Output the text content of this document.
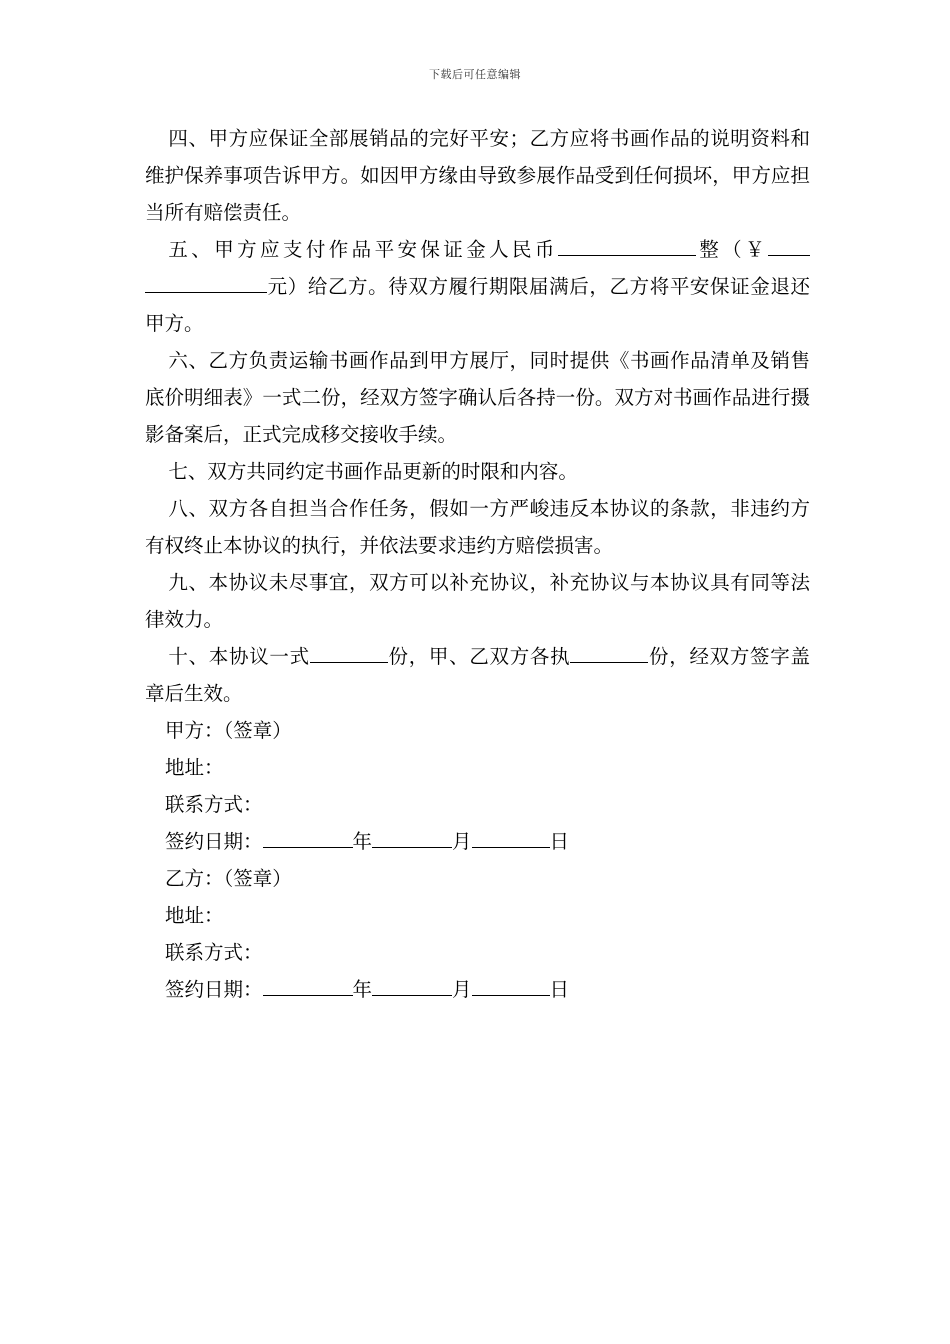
下载后可任意编辑

四、甲方应保证全部展销品的完好平安；乙方应将书画作品的说明资料和维护保养事项告诉甲方。如因甲方缘由导致参展作品受到任何损坏，甲方应担当所有赔偿责任。

五、甲方应支付作品平安保证金人民币	整（￥元）给乙方。待双方履行期限届满后，乙方将平安保证金退还甲方。

六、乙方负责运输书画作品到甲方展厅，同时提供《书画作品清单及销售底价明细表》一式二份，经双方签字确认后各持一份。双方对书画作品进行摄影备案后，正式完成移交接收手续。

七、双方共同约定书画作品更新的时限和内容。

八、双方各自担当合作任务，假如一方严峻违反本协议的条款，非违约方有权终止本协议的执行，并依法要求违约方赔偿损害。

九、本协议未尽事宜，双方可以补充协议，补充协议与本协议具有同等法律效力。

十、本协议一式	份，甲、乙双方各执	份，经双方签字盖章后生效。

甲方：（签章）

地址：

联系方式：

签约日期：	年	月	日

乙方：（签章）

地址：

联系方式：

签约日期：	年	月	日
